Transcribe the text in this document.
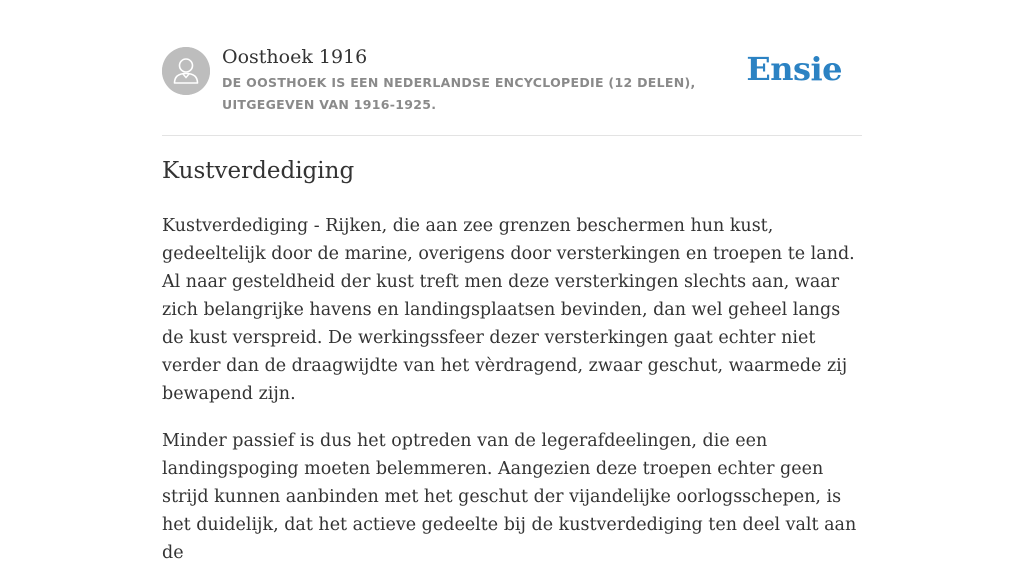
Oosthoek 1916
DE OOSTHOEK IS EEN NEDERLANDSE ENCYCLOPEDIE (12 DELEN), UITGEGEVEN VAN 1916-1925.
Ensie
Kustverdediging

Kustverdediging - Rijken, die aan zee grenzen beschermen hun kust, gedeeltelijk door de marine, overigens door versterkingen en troepen te land. Al naar gesteldheid der kust treft men deze versterkingen slechts aan, waar zich belangrijke havens en landingsplaatsen bevinden, dan wel geheel langs de kust verspreid. De werkingssfeer dezer versterkingen gaat echter niet verder dan de draagwijdte van het vèrdragend, zwaar geschut, waarmede zij bewapend zijn.

Minder passief is dus het optreden van de legerafdeelingen, die een landingspoging moeten belemmeren. Aangezien deze troepen echter geen strijd kunnen aanbinden met het geschut der vijandelijke oorlogsschepen, is het duidelijk, dat het actieve gedeelte bij de kustverdediging ten deel valt aan de
